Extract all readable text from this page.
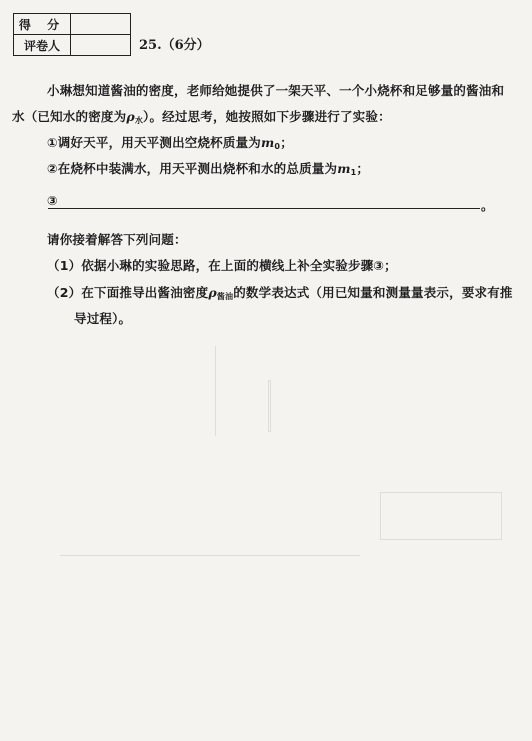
得 分	
评卷人		25.（6分）
小琳想知道酱油的密度，老师给她提供了一架天平、一个小烧杯和足够量的酱油和
水（已知水的密度为$\rho_水$）。经过思考，她按照如下步骤进行了实验：
①调好天平，用天平测出空烧杯质量为$m_0$；
②在烧杯中装满水，用天平测出烧杯和水的总质量为$m_1$；
③	。
请你接着解答下列问题：
（1）依据小琳的实验思路，在上面的横线上补全实验步骤③；
（2）在下面推导出酱油密度$\rho_{酱油}$的数学表达式（用已知量和测量量表示，要求有推
导过程）。
